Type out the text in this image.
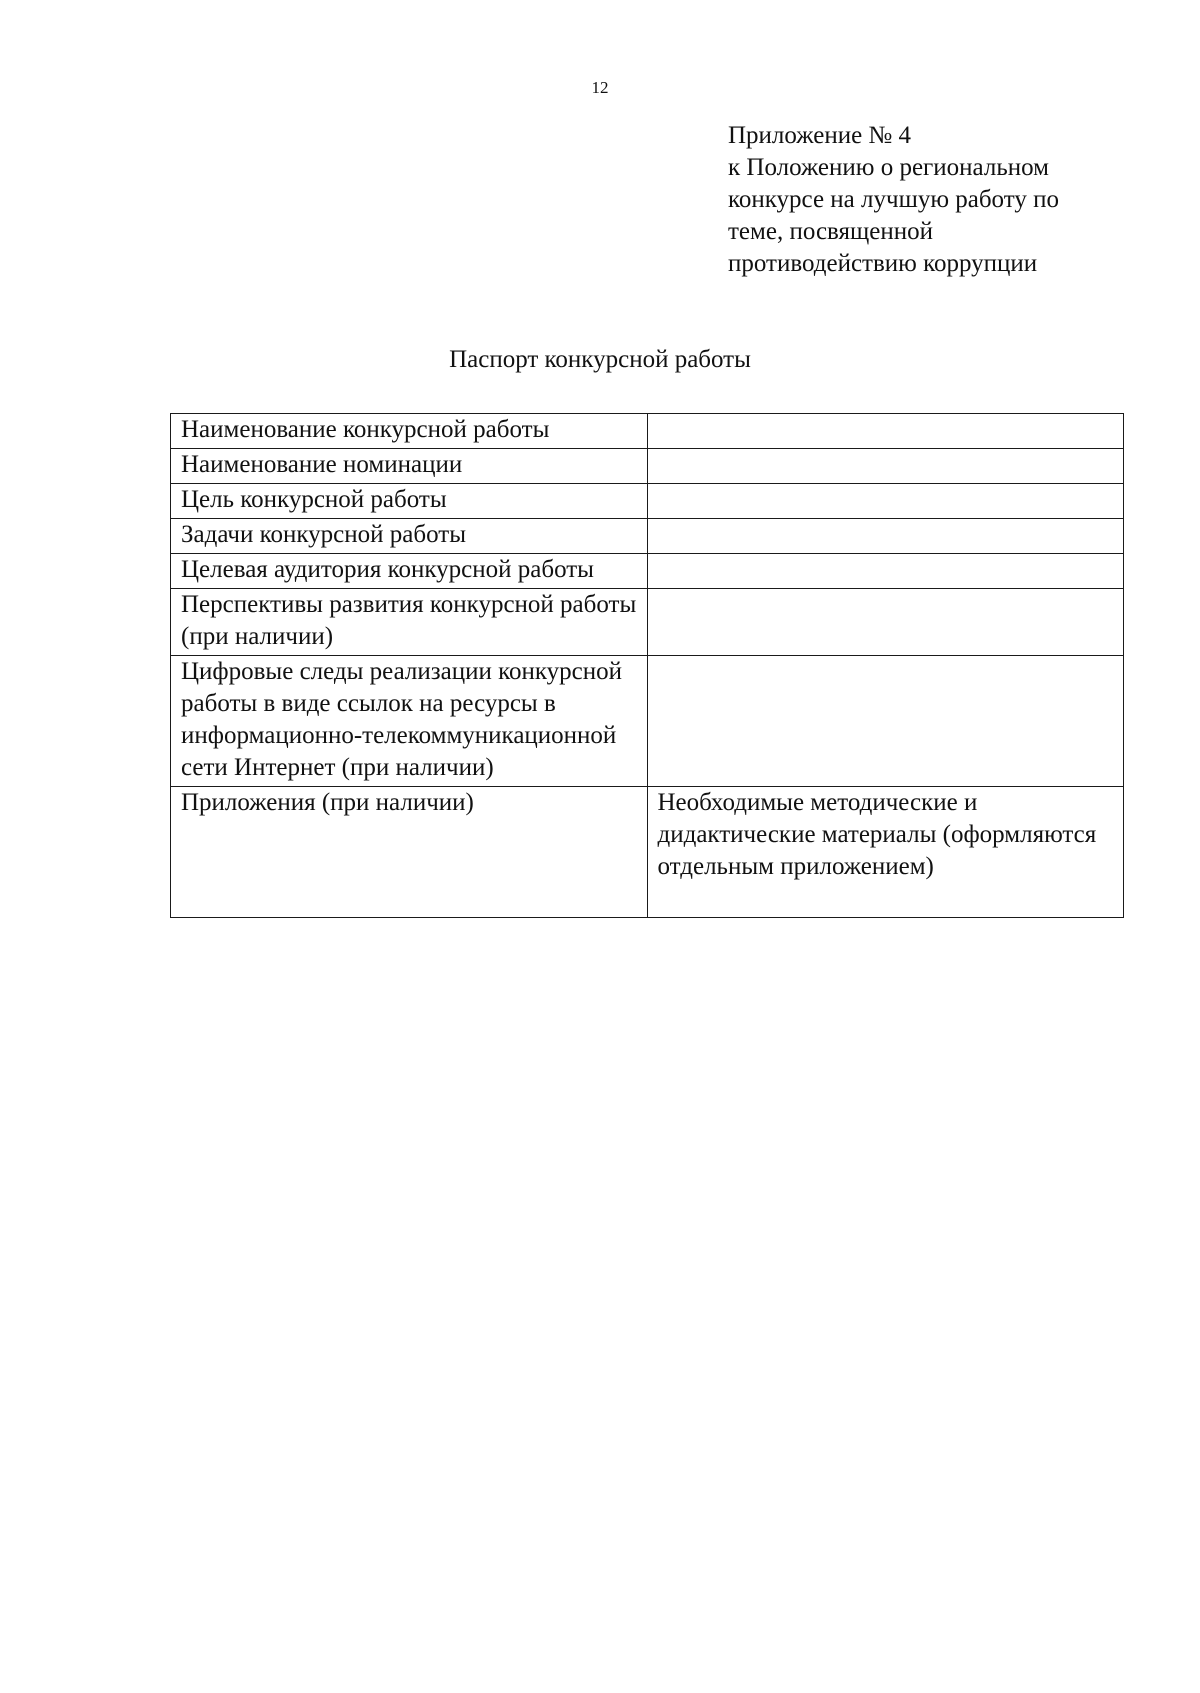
12
Приложение № 4
к Положению о региональном
конкурсе на лучшую работу по
теме, посвященной
противодействию коррупции
Паспорт конкурсной работы
Наименование конкурсной работы	
Наименование номинации	
Цель конкурсной работы	
Задачи конкурсной работы	
Целевая аудитория конкурсной работы	
Перспективы развития конкурсной работы (при наличии)	
Цифровые следы реализации конкурсной работы в виде ссылок на ресурсы в информационно-телекоммуникационной сети Интернет (при наличии)	
Приложения (при наличии)	Необходимые методические и дидактические материалы (оформляются отдельным приложением)
